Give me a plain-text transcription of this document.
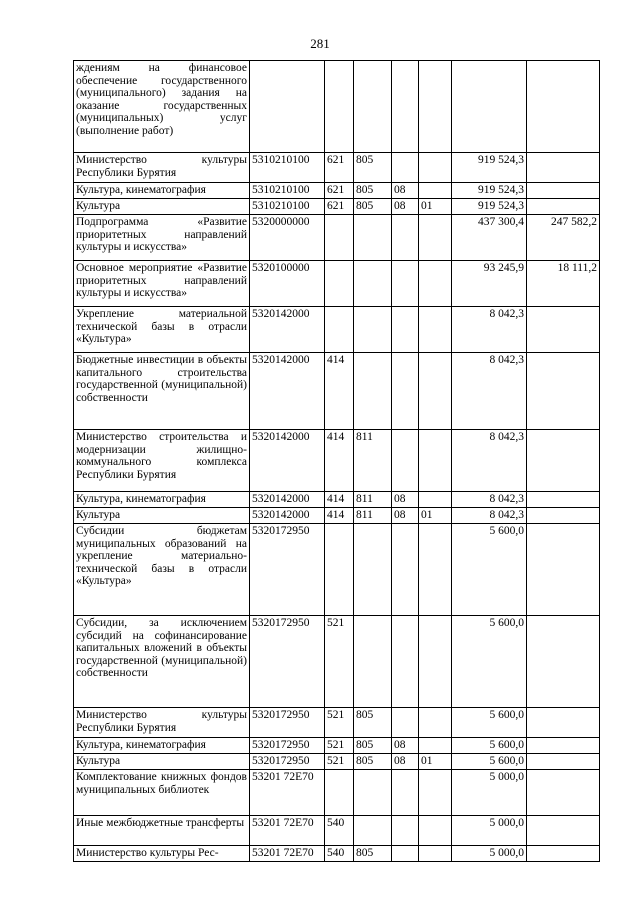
281
ждениям на финансовое обеспечение государственного (муниципального) задания на оказание государственных (муниципальных) услуг (выполнение работ)							
Министерство культуры Республики Бурятия	5310210100	621	805			919 524,3	
Культура, кинематография	5310210100	621	805	08		919 524,3	
Культура	5310210100	621	805	08	01	919 524,3	
Подпрограмма «Развитие приоритетных направлений культуры и искусства»	5320000000					437 300,4	247 582,2
Основное мероприятие «Развитие приоритетных направлений культуры и искусства»	5320100000					93 245,9	18 111,2
Укрепление материальной технической базы в отрасли «Культура»	5320142000					8 042,3	
Бюджетные инвестиции в объекты капитального строительства государственной (муниципальной) собственности	5320142000	414				8 042,3	
Министерство строительства и модернизации жилищно-коммунального комплекса Республики Бурятия	5320142000	414	811			8 042,3	
Культура, кинематография	5320142000	414	811	08		8 042,3	
Культура	5320142000	414	811	08	01	8 042,3	
Субсидии бюджетам муниципальных образований на укрепление материально-технической базы в отрасли «Культура»	5320172950					5 600,0	
Субсидии, за исключением субсидий на софинансирование капитальных вложений в объекты государственной (муниципальной) собственности	5320172950	521				5 600,0	
Министерство культуры Республики Бурятия	5320172950	521	805			5 600,0	
Культура, кинематография	5320172950	521	805	08		5 600,0	
Культура	5320172950	521	805	08	01	5 600,0	
Комплектование книжных фондов муниципальных библиотек	53201 72E70					5 000,0	
Иные межбюджетные трансферты	53201 72E70	540				5 000,0	
Министерство культуры Рес-	53201 72E70	540	805			5 000,0	
